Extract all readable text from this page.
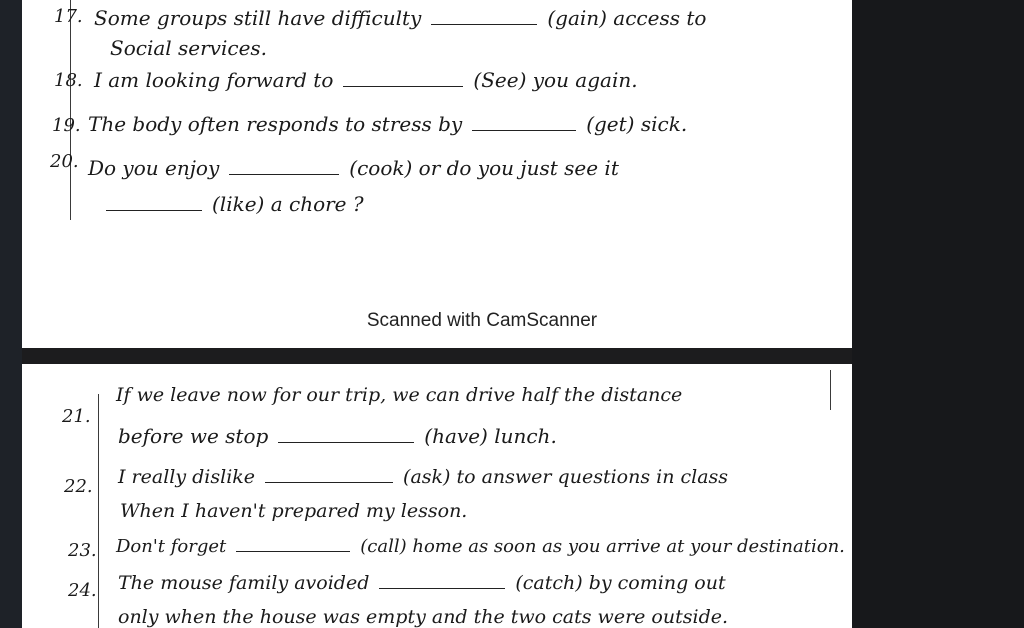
17. Some groups still have difficulty	(gain) access to
Social services.
18. I am looking forward to	(See) you again.
19. The body often responds to stress by	(get) sick.
20. Do you enjoy	(cook) or do you just see it
(like) a chore ?
Scanned with CamScanner
21.
If we leave now for our trip, we can drive half the distance
before we stop	(have) lunch.
22. I really dislike	(ask) to answer questions in class
When I haven't prepared my lesson.
23. Don't forget	(call) home as soon as you arrive at your destination.
24. The mouse family avoided	(catch) by coming out
only when the house was empty and the two cats were outside.
